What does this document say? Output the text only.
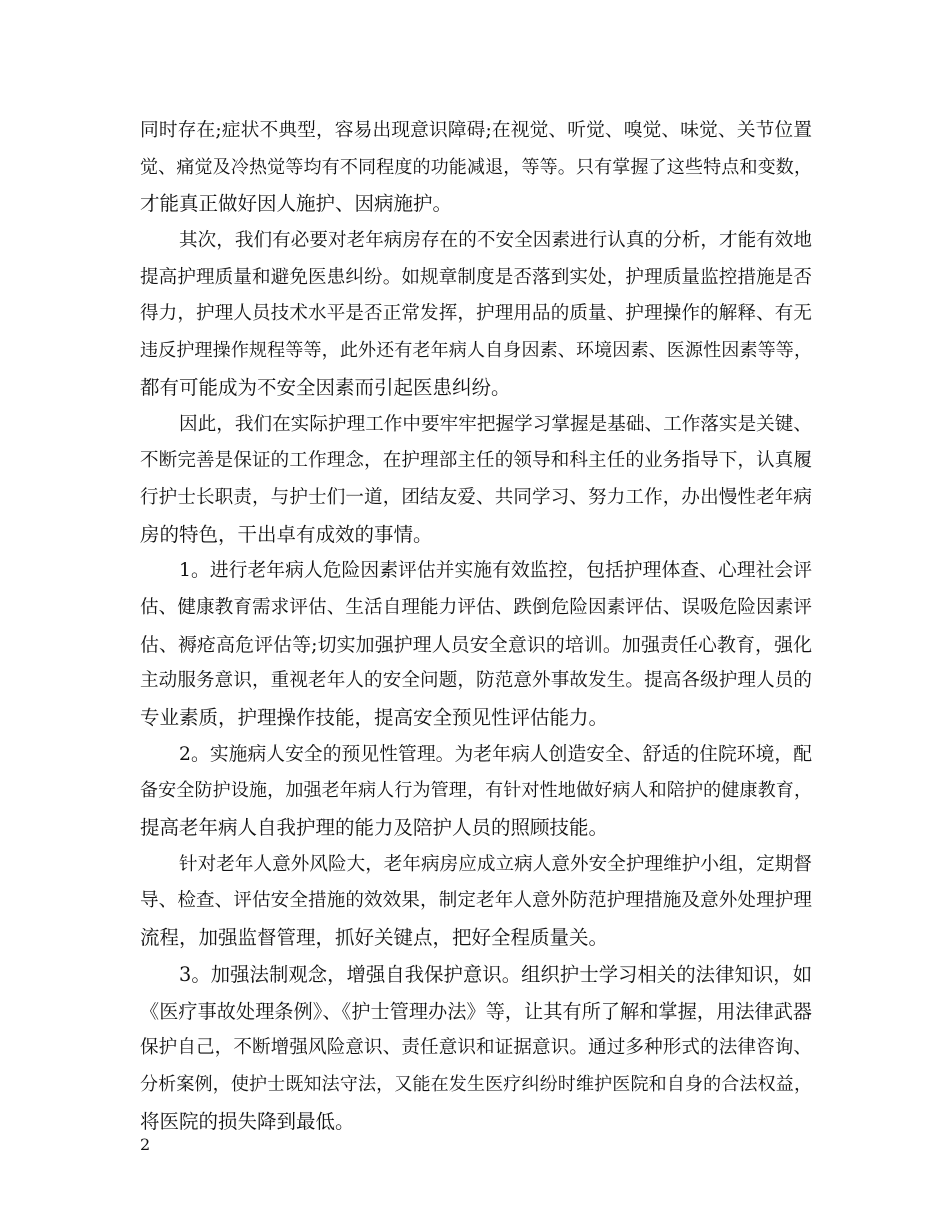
同时存在;症状不典型，容易出现意识障碍;在视觉、听觉、嗅觉、味觉、关节位置
觉、痛觉及冷热觉等均有不同程度的功能减退，等等。只有掌握了这些特点和变数，
才能真正做好因人施护、因病施护。
其次，我们有必要对老年病房存在的不安全因素进行认真的分析，才能有效地
提高护理质量和避免医患纠纷。如规章制度是否落到实处，护理质量监控措施是否
得力，护理人员技术水平是否正常发挥，护理用品的质量、护理操作的解释、有无
违反护理操作规程等等，此外还有老年病人自身因素、环境因素、医源性因素等等，
都有可能成为不安全因素而引起医患纠纷。
因此，我们在实际护理工作中要牢牢把握学习掌握是基础、工作落实是关键、
不断完善是保证的工作理念，在护理部主任的领导和科主任的业务指导下，认真履
行护士长职责，与护士们一道，团结友爱、共同学习、努力工作，办出慢性老年病
房的特色，干出卓有成效的事情。
1。进行老年病人危险因素评估并实施有效监控，包括护理体查、心理社会评
估、健康教育需求评估、生活自理能力评估、跌倒危险因素评估、误吸危险因素评
估、褥疮高危评估等;切实加强护理人员安全意识的培训。加强责任心教育，强化
主动服务意识，重视老年人的安全问题，防范意外事故发生。提高各级护理人员的
专业素质，护理操作技能，提高安全预见性评估能力。
2。实施病人安全的预见性管理。为老年病人创造安全、舒适的住院环境，配
备安全防护设施，加强老年病人行为管理，有针对性地做好病人和陪护的健康教育，
提高老年病人自我护理的能力及陪护人员的照顾技能。
针对老年人意外风险大，老年病房应成立病人意外安全护理维护小组，定期督
导、检查、评估安全措施的效效果，制定老年人意外防范护理措施及意外处理护理
流程，加强监督管理，抓好关键点，把好全程质量关。
3。加强法制观念，增强自我保护意识。组织护士学习相关的法律知识，如
《医疗事故处理条例》、《护士管理办法》等，让其有所了解和掌握，用法律武器
保护自己，不断增强风险意识、责任意识和证据意识。通过多种形式的法律咨询、
分析案例，使护士既知法守法，又能在发生医疗纠纷时维护医院和自身的合法权益，
将医院的损失降到最低。
2
